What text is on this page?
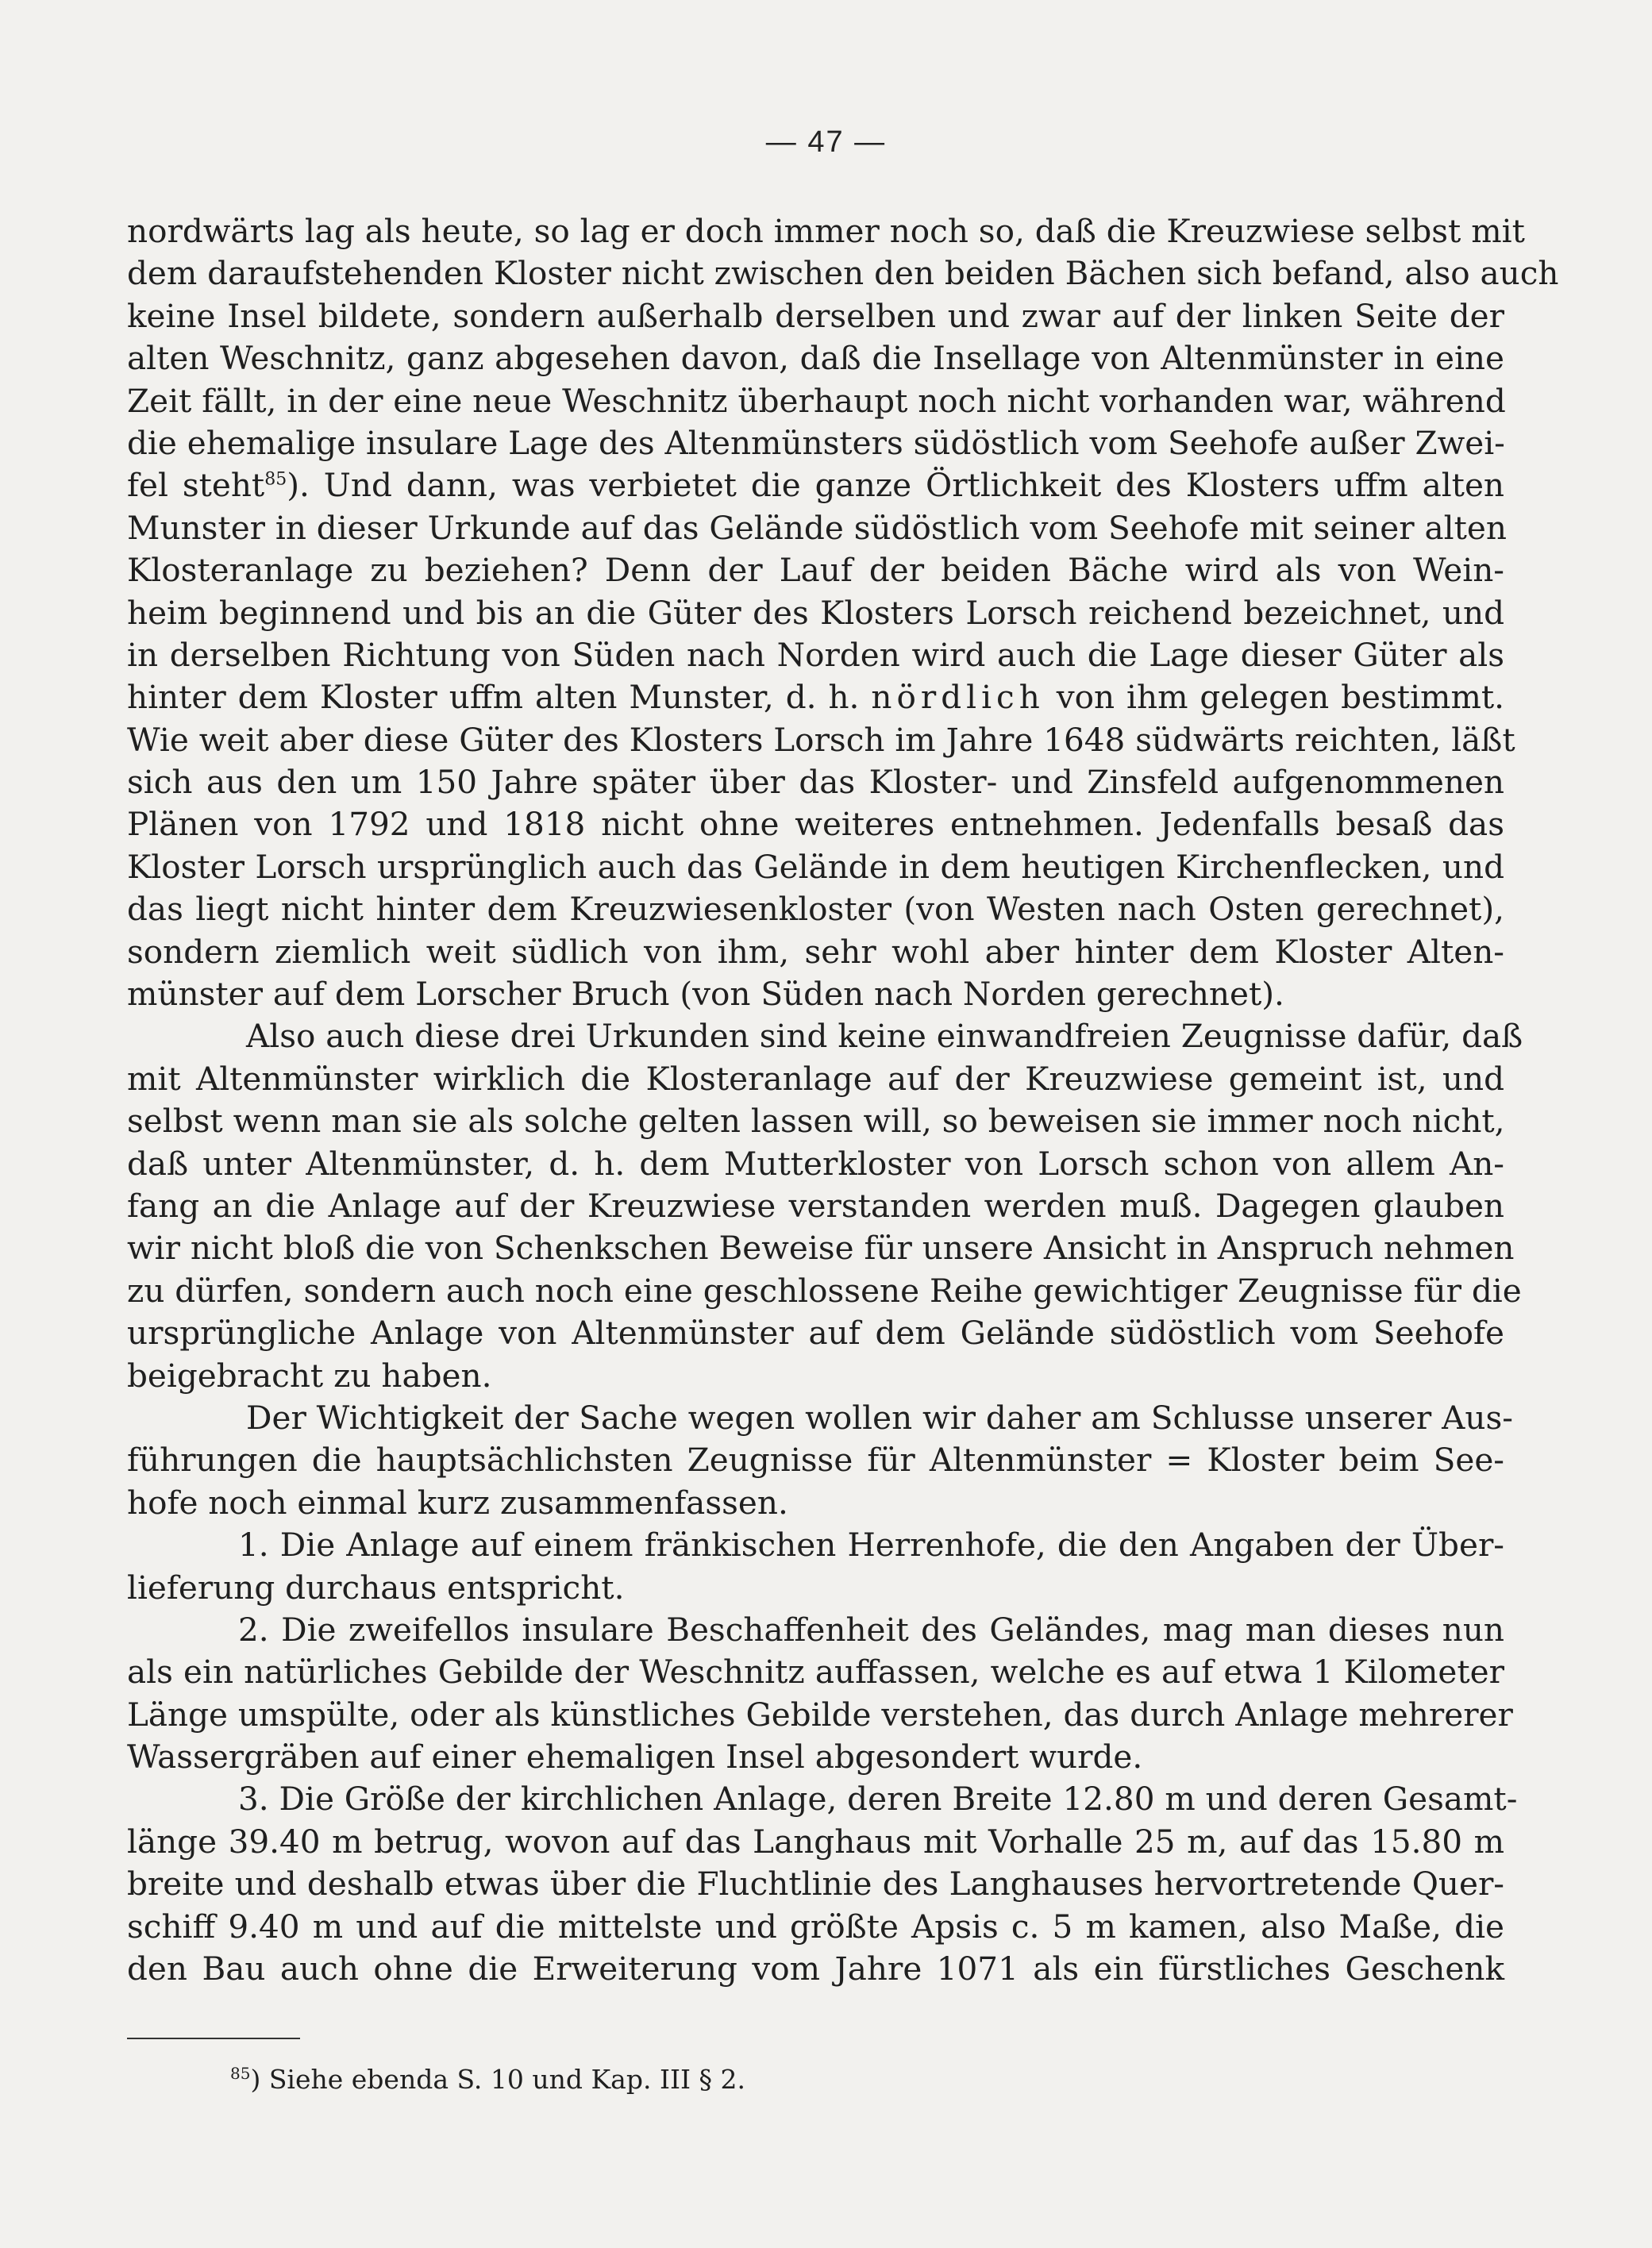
— 47 —
nordwärts lag als heute, so lag er doch immer noch so, daß die Kreuzwiese selbst mit
dem daraufstehenden Kloster nicht zwischen den beiden Bächen sich befand, also auch
keine Insel bildete, sondern außerhalb derselben und zwar auf der linken Seite der
alten Weschnitz, ganz abgesehen davon, daß die Insellage von Altenmünster in eine
Zeit fällt, in der eine neue Weschnitz überhaupt noch nicht vorhanden war, während
die ehemalige insulare Lage des Altenmünsters südöstlich vom Seehofe außer Zwei-
fel steht$^{85}$). Und dann, was verbietet die ganze Örtlichkeit des Klosters uffm alten
Munster in dieser Urkunde auf das Gelände südöstlich vom Seehofe mit seiner alten
Klosteranlage zu beziehen? Denn der Lauf der beiden Bäche wird als von Wein-
heim beginnend und bis an die Güter des Klosters Lorsch reichend bezeichnet, und
in derselben Richtung von Süden nach Norden wird auch die Lage dieser Güter als
hinter dem Kloster uffm alten Munster, d. h. nördlich von ihm gelegen bestimmt.
Wie weit aber diese Güter des Klosters Lorsch im Jahre 1648 südwärts reichten, läßt
sich aus den um 150 Jahre später über das Kloster- und Zinsfeld aufgenommenen
Plänen von 1792 und 1818 nicht ohne weiteres entnehmen. Jedenfalls besaß das
Kloster Lorsch ursprünglich auch das Gelände in dem heutigen Kirchenflecken, und
das liegt nicht hinter dem Kreuzwiesenkloster (von Westen nach Osten gerechnet),
sondern ziemlich weit südlich von ihm, sehr wohl aber hinter dem Kloster Alten-
münster auf dem Lorscher Bruch (von Süden nach Norden gerechnet).
Also auch diese drei Urkunden sind keine einwandfreien Zeugnisse dafür, daß
mit Altenmünster wirklich die Klosteranlage auf der Kreuzwiese gemeint ist, und
selbst wenn man sie als solche gelten lassen will, so beweisen sie immer noch nicht,
daß unter Altenmünster, d. h. dem Mutterkloster von Lorsch schon von allem An-
fang an die Anlage auf der Kreuzwiese verstanden werden muß. Dagegen glauben
wir nicht bloß die von Schenkschen Beweise für unsere Ansicht in Anspruch nehmen
zu dürfen, sondern auch noch eine geschlossene Reihe gewichtiger Zeugnisse für die
ursprüngliche Anlage von Altenmünster auf dem Gelände südöstlich vom Seehofe
beigebracht zu haben.
Der Wichtigkeit der Sache wegen wollen wir daher am Schlusse unserer Aus-
führungen die hauptsächlichsten Zeugnisse für Altenmünster = Kloster beim See-
hofe noch einmal kurz zusammenfassen.
1. Die Anlage auf einem fränkischen Herrenhofe, die den Angaben der Über-
lieferung durchaus entspricht.
2. Die zweifellos insulare Beschaffenheit des Geländes, mag man dieses nun
als ein natürliches Gebilde der Weschnitz auffassen, welche es auf etwa 1 Kilometer
Länge umspülte, oder als künstliches Gebilde verstehen, das durch Anlage mehrerer
Wassergräben auf einer ehemaligen Insel abgesondert wurde.
3. Die Größe der kirchlichen Anlage, deren Breite 12.80 m und deren Gesamt-
länge 39.40 m betrug, wovon auf das Langhaus mit Vorhalle 25 m, auf das 15.80 m
breite und deshalb etwas über die Fluchtlinie des Langhauses hervortretende Quer-
schiff 9.40 m und auf die mittelste und größte Apsis c. 5 m kamen, also Maße, die
den Bau auch ohne die Erweiterung vom Jahre 1071 als ein fürstliches Geschenk
$^{85}$) Siehe ebenda S. 10 und Kap. III § 2.
